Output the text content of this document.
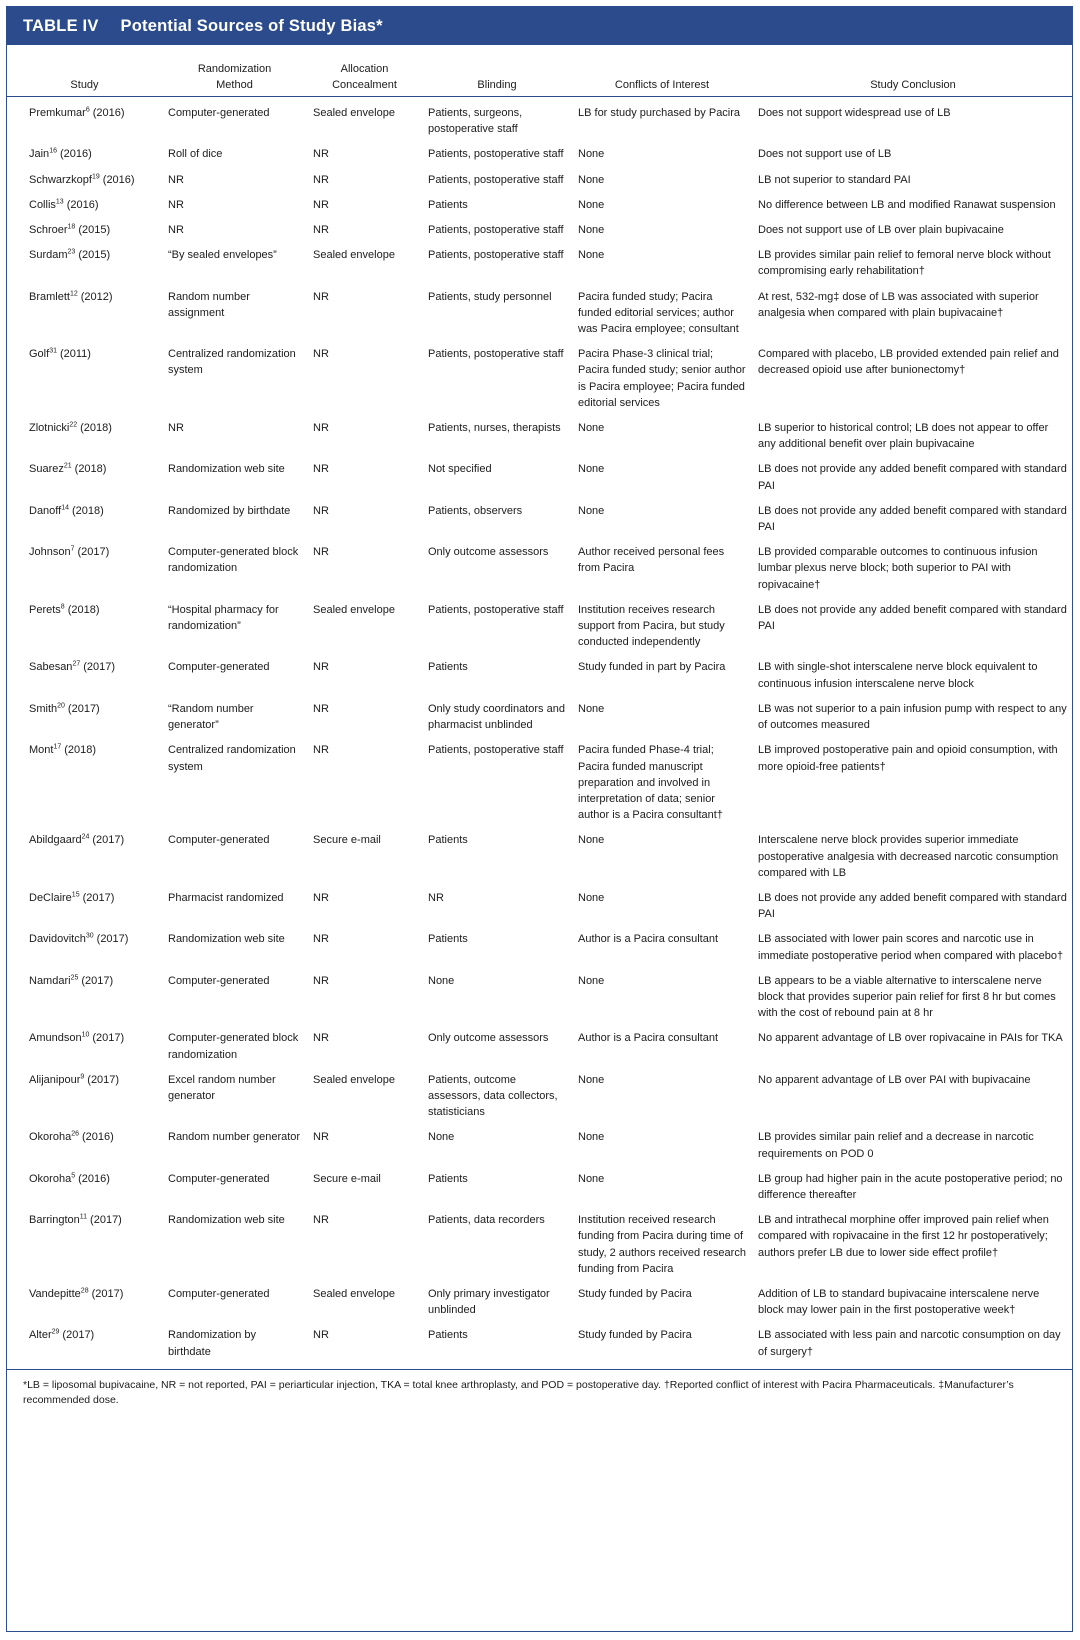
TABLE IV Potential Sources of Study Bias*
Study	Randomization Method	Allocation Concealment	Blinding	Conflicts of Interest	Study Conclusion
Premkumar$^6$ (2016)	Computer-generated	Sealed envelope	Patients, surgeons, postoperative staff	LB for study purchased by Pacira	Does not support widespread use of LB
Jain$^{16}$ (2016)	Roll of dice	NR	Patients, postoperative staff	None	Does not support use of LB
Schwarzkopf$^{19}$ (2016)	NR	NR	Patients, postoperative staff	None	LB not superior to standard PAI
Collis$^{13}$ (2016)	NR	NR	Patients	None	No difference between LB and modified Ranawat suspension
Schroer$^{18}$ (2015)	NR	NR	Patients, postoperative staff	None	Does not support use of LB over plain bupivacaine
Surdam$^{23}$ (2015)	“By sealed envelopes”	Sealed envelope	Patients, postoperative staff	None	LB provides similar pain relief to femoral nerve block without compromising early rehabilitation†
Bramlett$^{12}$ (2012)	Random number assignment	NR	Patients, study personnel	Pacira funded study; Pacira funded editorial services; author was Pacira employee; consultant	At rest, 532-mg‡ dose of LB was associated with superior analgesia when compared with plain bupivacaine†
Golf$^{31}$ (2011)	Centralized randomization system	NR	Patients, postoperative staff	Pacira Phase-3 clinical trial; Pacira funded study; senior author is Pacira employee; Pacira funded editorial services	Compared with placebo, LB provided extended pain relief and decreased opioid use after bunionectomy†
Zlotnicki$^{22}$ (2018)	NR	NR	Patients, nurses, therapists	None	LB superior to historical control; LB does not appear to offer any additional benefit over plain bupivacaine
Suarez$^{21}$ (2018)	Randomization web site	NR	Not specified	None	LB does not provide any added benefit compared with standard PAI
Danoff$^{14}$ (2018)	Randomized by birthdate	NR	Patients, observers	None	LB does not provide any added benefit compared with standard PAI
Johnson$^7$ (2017)	Computer-generated block randomization	NR	Only outcome assessors	Author received personal fees from Pacira	LB provided comparable outcomes to continuous infusion lumbar plexus nerve block; both superior to PAI with ropivacaine†
Perets$^8$ (2018)	“Hospital pharmacy for randomization”	Sealed envelope	Patients, postoperative staff	Institution receives research support from Pacira, but study conducted independently	LB does not provide any added benefit compared with standard PAI
Sabesan$^{27}$ (2017)	Computer-generated	NR	Patients	Study funded in part by Pacira	LB with single-shot interscalene nerve block equivalent to continuous infusion interscalene nerve block
Smith$^{20}$ (2017)	“Random number generator”	NR	Only study coordinators and pharmacist unblinded	None	LB was not superior to a pain infusion pump with respect to any of outcomes measured
Mont$^{17}$ (2018)	Centralized randomization system	NR	Patients, postoperative staff	Pacira funded Phase-4 trial; Pacira funded manuscript preparation and involved in interpretation of data; senior author is a Pacira consultant†	LB improved postoperative pain and opioid consumption, with more opioid-free patients†
Abildgaard$^{24}$ (2017)	Computer-generated	Secure e-mail	Patients	None	Interscalene nerve block provides superior immediate postoperative analgesia with decreased narcotic consumption compared with LB
DeClaire$^{15}$ (2017)	Pharmacist randomized	NR	NR	None	LB does not provide any added benefit compared with standard PAI
Davidovitch$^{30}$ (2017)	Randomization web site	NR	Patients	Author is a Pacira consultant	LB associated with lower pain scores and narcotic use in immediate postoperative period when compared with placebo†
Namdari$^{25}$ (2017)	Computer-generated	NR	None	None	LB appears to be a viable alternative to interscalene nerve block that provides superior pain relief for first 8 hr but comes with the cost of rebound pain at 8 hr
Amundson$^{10}$ (2017)	Computer-generated block randomization	NR	Only outcome assessors	Author is a Pacira consultant	No apparent advantage of LB over ropivacaine in PAIs for TKA
Alijanipour$^9$ (2017)	Excel random number generator	Sealed envelope	Patients, outcome assessors, data collectors, statisticians	None	No apparent advantage of LB over PAI with bupivacaine
Okoroha$^{26}$ (2016)	Random number generator	NR	None	None	LB provides similar pain relief and a decrease in narcotic requirements on POD 0
Okoroha$^5$ (2016)	Computer-generated	Secure e-mail	Patients	None	LB group had higher pain in the acute postoperative period; no difference thereafter
Barrington$^{11}$ (2017)	Randomization web site	NR	Patients, data recorders	Institution received research funding from Pacira during time of study, 2 authors received research funding from Pacira	LB and intrathecal morphine offer improved pain relief when compared with ropivacaine in the first 12 hr postoperatively; authors prefer LB due to lower side effect profile†
Vandepitte$^{28}$ (2017)	Computer-generated	Sealed envelope	Only primary investigator unblinded	Study funded by Pacira	Addition of LB to standard bupivacaine interscalene nerve block may lower pain in the first postoperative week†
Alter$^{29}$ (2017)	Randomization by birthdate	NR	Patients	Study funded by Pacira	LB associated with less pain and narcotic consumption on day of surgery†
*LB = liposomal bupivacaine, NR = not reported, PAI = periarticular injection, TKA = total knee arthroplasty, and POD = postoperative day. †Reported conflict of interest with Pacira Pharmaceuticals. ‡Manufacturer’s recommended dose.
